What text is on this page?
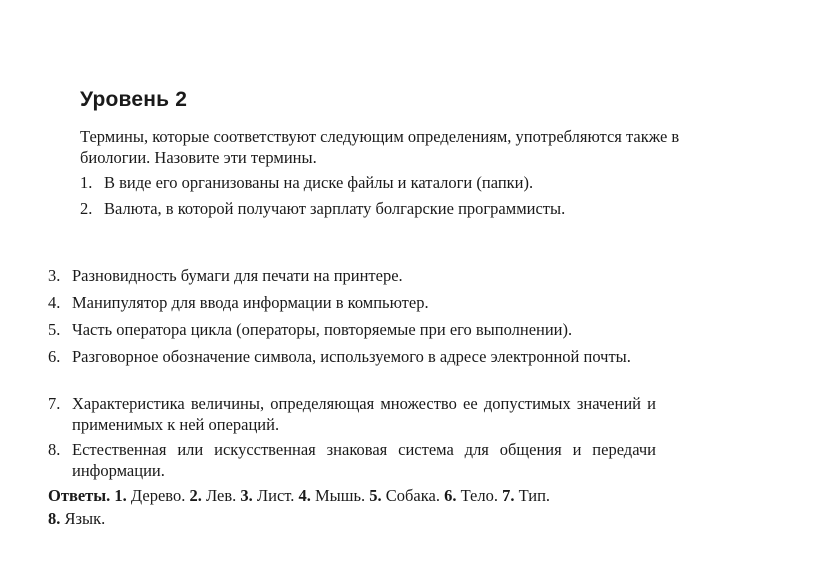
Уровень 2
Термины, которые соответствуют следующим определениям, употребляются также в биологии. Назовите эти термины.
1. В виде его организованы на диске файлы и каталоги (папки).
2. Валюта, в которой получают зарплату болгарские программисты.
3. Разновидность бумаги для печати на принтере.
4. Манипулятор для ввода информации в компьютер.
5. Часть оператора цикла (операторы, повторяемые при его выполнении).
6. Разговорное обозначение символа, используемого в адресе электронной почты.
7. Характеристика величины, определяющая множество ее допустимых значений и применимых к ней операций.
8. Естественная или искусственная знаковая система для общения и передачи информации.
Ответы. 1. Дерево. 2. Лев. 3. Лист. 4. Мышь. 5. Собака. 6. Тело. 7. Тип.
8. Язык.
